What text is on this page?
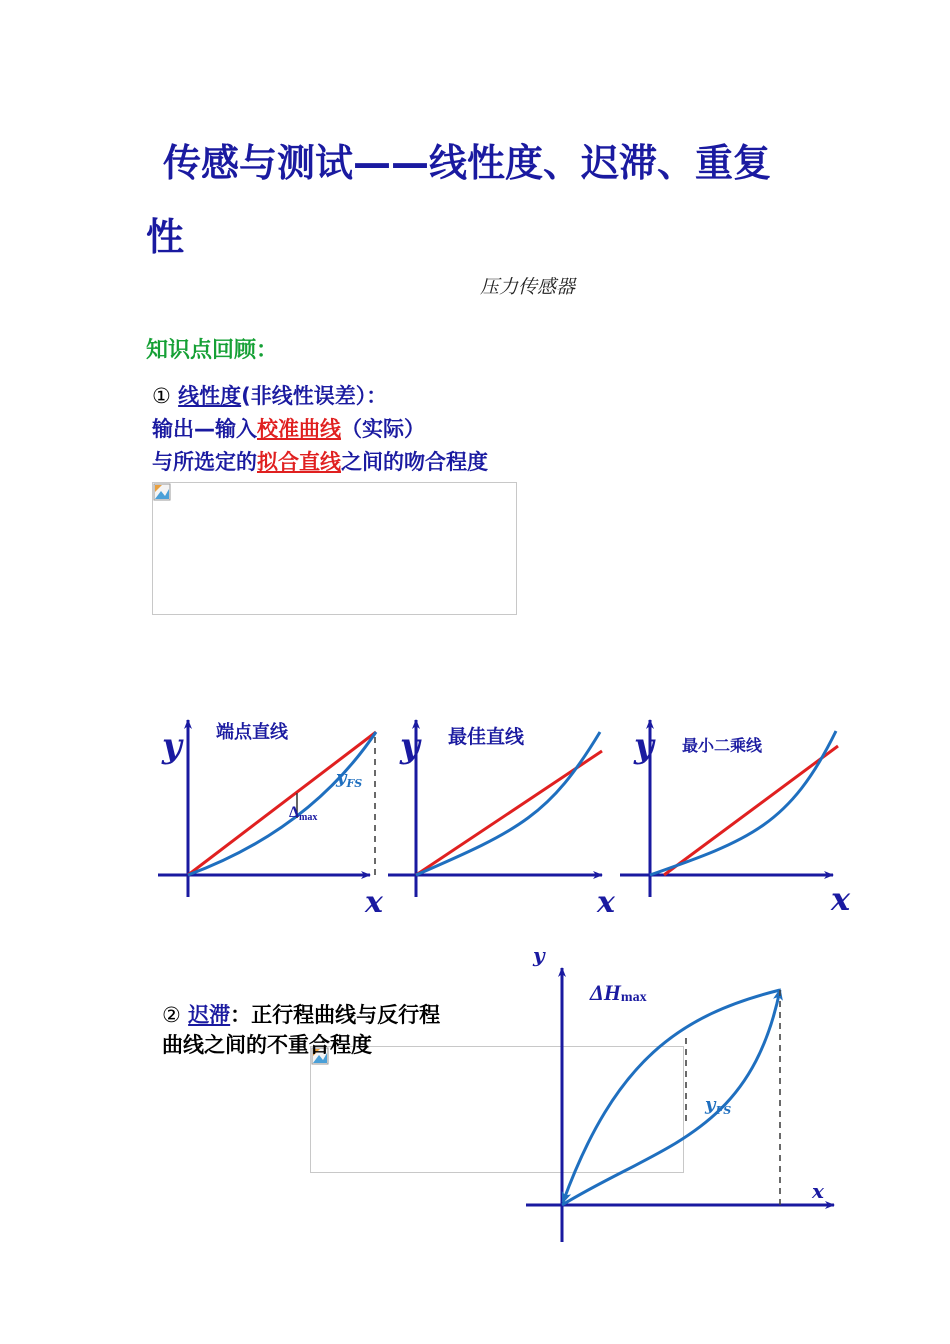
传感与测试——线性度、迟滞、重复
性
压力传感器
知识点回顾：
① 线性度(非线性误差）：
输出—输入校准曲线（实际）
与所选定的拟合直线之间的吻合程度
y
x
端点直线
$y_{FS}$
Δmax
y
x
最佳直线	y
x
最小二乘线
② 迟滞：正行程曲线与反行程
曲线之间的不重合程度
y
x
ΔHmax
$y_{FS}$
